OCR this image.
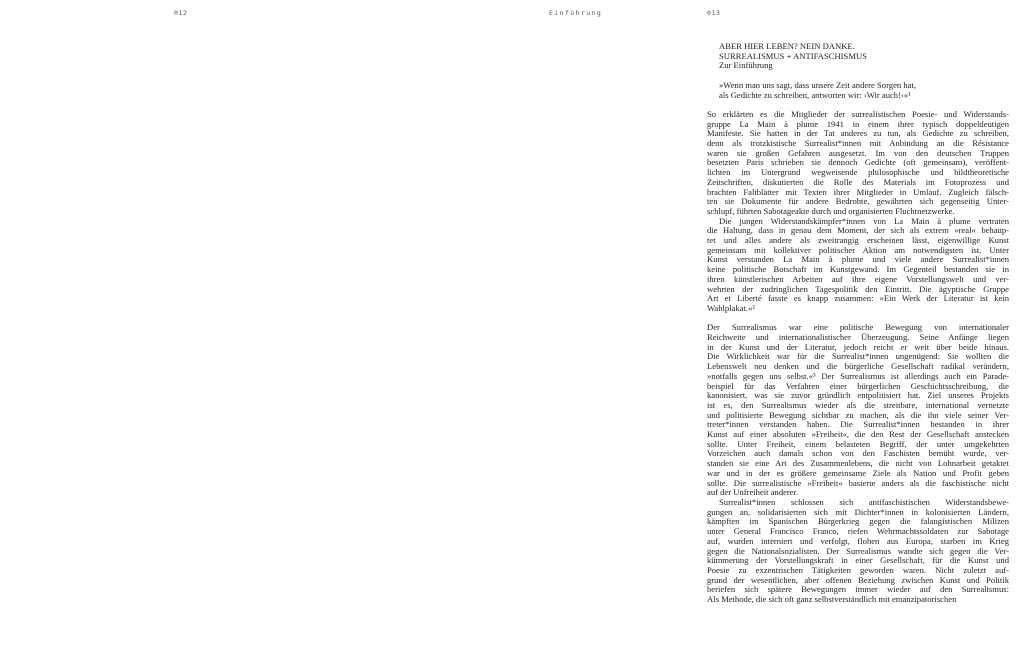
012	Einführung	013
ABER HIER LEBEN? NEIN DANKE.
SURREALISMUS + ANTIFASCHISMUS
Zur Einführung
»Wenn man uns sagt, dass unsere Zeit andere Sorgen hat,
als Gedichte zu schreiben, antworten wir: ›Wir auch!‹«¹
So erklärten es die Mitglieder der surrealistischen Poesie- und Widerstands-
gruppe La Main à plume 1941 in einem ihrer typisch doppeldeutigen
Manifeste. Sie hatten in der Tat anderes zu tun, als Gedichte zu schreiben,
denn als trotzkistische Surrealist*innen mit Anbindung an die Résistance
waren sie großen Gefahren ausgesetzt. Im von den deutschen Truppen
besetzten Paris schrieben sie dennoch Gedichte (oft gemeinsam), veröffent-
lichten im Untergrund wegweisende philosophische und bildtheoretische
Zeitschriften, diskutierten die Rolle des Materials im Fotoprozess und
brachten Faltblätter mit Texten ihrer Mitglieder in Umlauf. Zugleich fälsch-
ten sie Dokumente für andere Bedrohte, gewährten sich gegenseitig Unter-
schlupf, führten Sabotageakte durch und organisierten Fluchtnetzwerke.
Die jungen Widerstandskämpfer*innen von La Main à plume vertraten
die Haltung, dass in genau dem Moment, der sich als extrem »real« behaup-
tet und alles andere als zweitrangig erscheinen lässt, eigenwillige Kunst
gemeinsam mit kollektiver politischer Aktion am notwendigsten ist. Unter
Kunst verstanden La Main à plume und viele andere Surrealist*innen
keine politische Botschaft im Kunstgewand. Im Gegenteil bestanden sie in
ihren künstlerischen Arbeiten auf ihre eigene Vorstellungswelt und ver-
wehrten der zudringlichen Tagespolitik den Eintritt. Die ägyptische Gruppe
Art et Liberté fasste es knapp zusammen: »Ein Werk der Literatur ist kein
Wahlplakat.«²
Der Surrealismus war eine politische Bewegung von internationaler
Reichweite und internationalistischer Überzeugung. Seine Anfänge liegen
in der Kunst und der Literatur, jedoch reicht er weit über beide hinaus.
Die Wirklichkeit war für die Surrealist*innen ungenügend: Sie wollten die
Lebenswelt neu denken und die bürgerliche Gesellschaft radikal verändern,
»notfalls gegen uns selbst.«³ Der Surrealismus ist allerdings auch ein Parade-
beispiel für das Verfahren einer bürgerlichen Geschichtsschreibung, die
kanonisiert, was sie zuvor gründlich entpolitisiert hat. Ziel unseres Projekts
ist es, den Surrealismus wieder als die streitbare, international vernetzte
und politisierte Bewegung sichtbar zu machen, als die ihn viele seiner Ver-
treter*innen verstanden haben. Die Surrealist*innen bestanden in ihrer
Kunst auf einer absoluten »Freiheit«, die den Rest der Gesellschaft anstecken
sollte. Unter Freiheit, einem belasteten Begriff, der unter umgekehrten
Vorzeichen auch damals schon von den Faschisten bemüht wurde, ver-
standen sie eine Art des Zusammenlebens, die nicht von Lohnarbeit getaktet
war und in der es größere gemeinsame Ziele als Nation und Profit geben
sollte. Die surrealistische »Freiheit« basierte anders als die faschistische nicht
auf der Unfreiheit anderer.
Surrealist*innen schlossen sich antifaschistischen Widerstandsbewe-
gungen an, solidarisierten sich mit Dichter*innen in kolonisierten Ländern,
kämpften im Spanischen Bürgerkrieg gegen die falangistischen Milizen
unter General Francisco Franco, riefen Wehrmachtssoldaten zur Sabotage
auf, wurden interniert und verfolgt, flohen aus Europa, starben im Krieg
gegen die Nationalsozialisten. Der Surrealismus wandte sich gegen die Ver-
kümmerung der Vorstellungskraft in einer Gesellschaft, für die Kunst und
Poesie zu exzentrischen Tätigkeiten geworden waren. Nicht zuletzt auf-
grund der wesentlichen, aber offenen Beziehung zwischen Kunst und Politik
beriefen sich spätere Bewegungen immer wieder auf den Surrealismus:
Als Methode, die sich oft ganz selbstverständlich mit emanzipatorischen
